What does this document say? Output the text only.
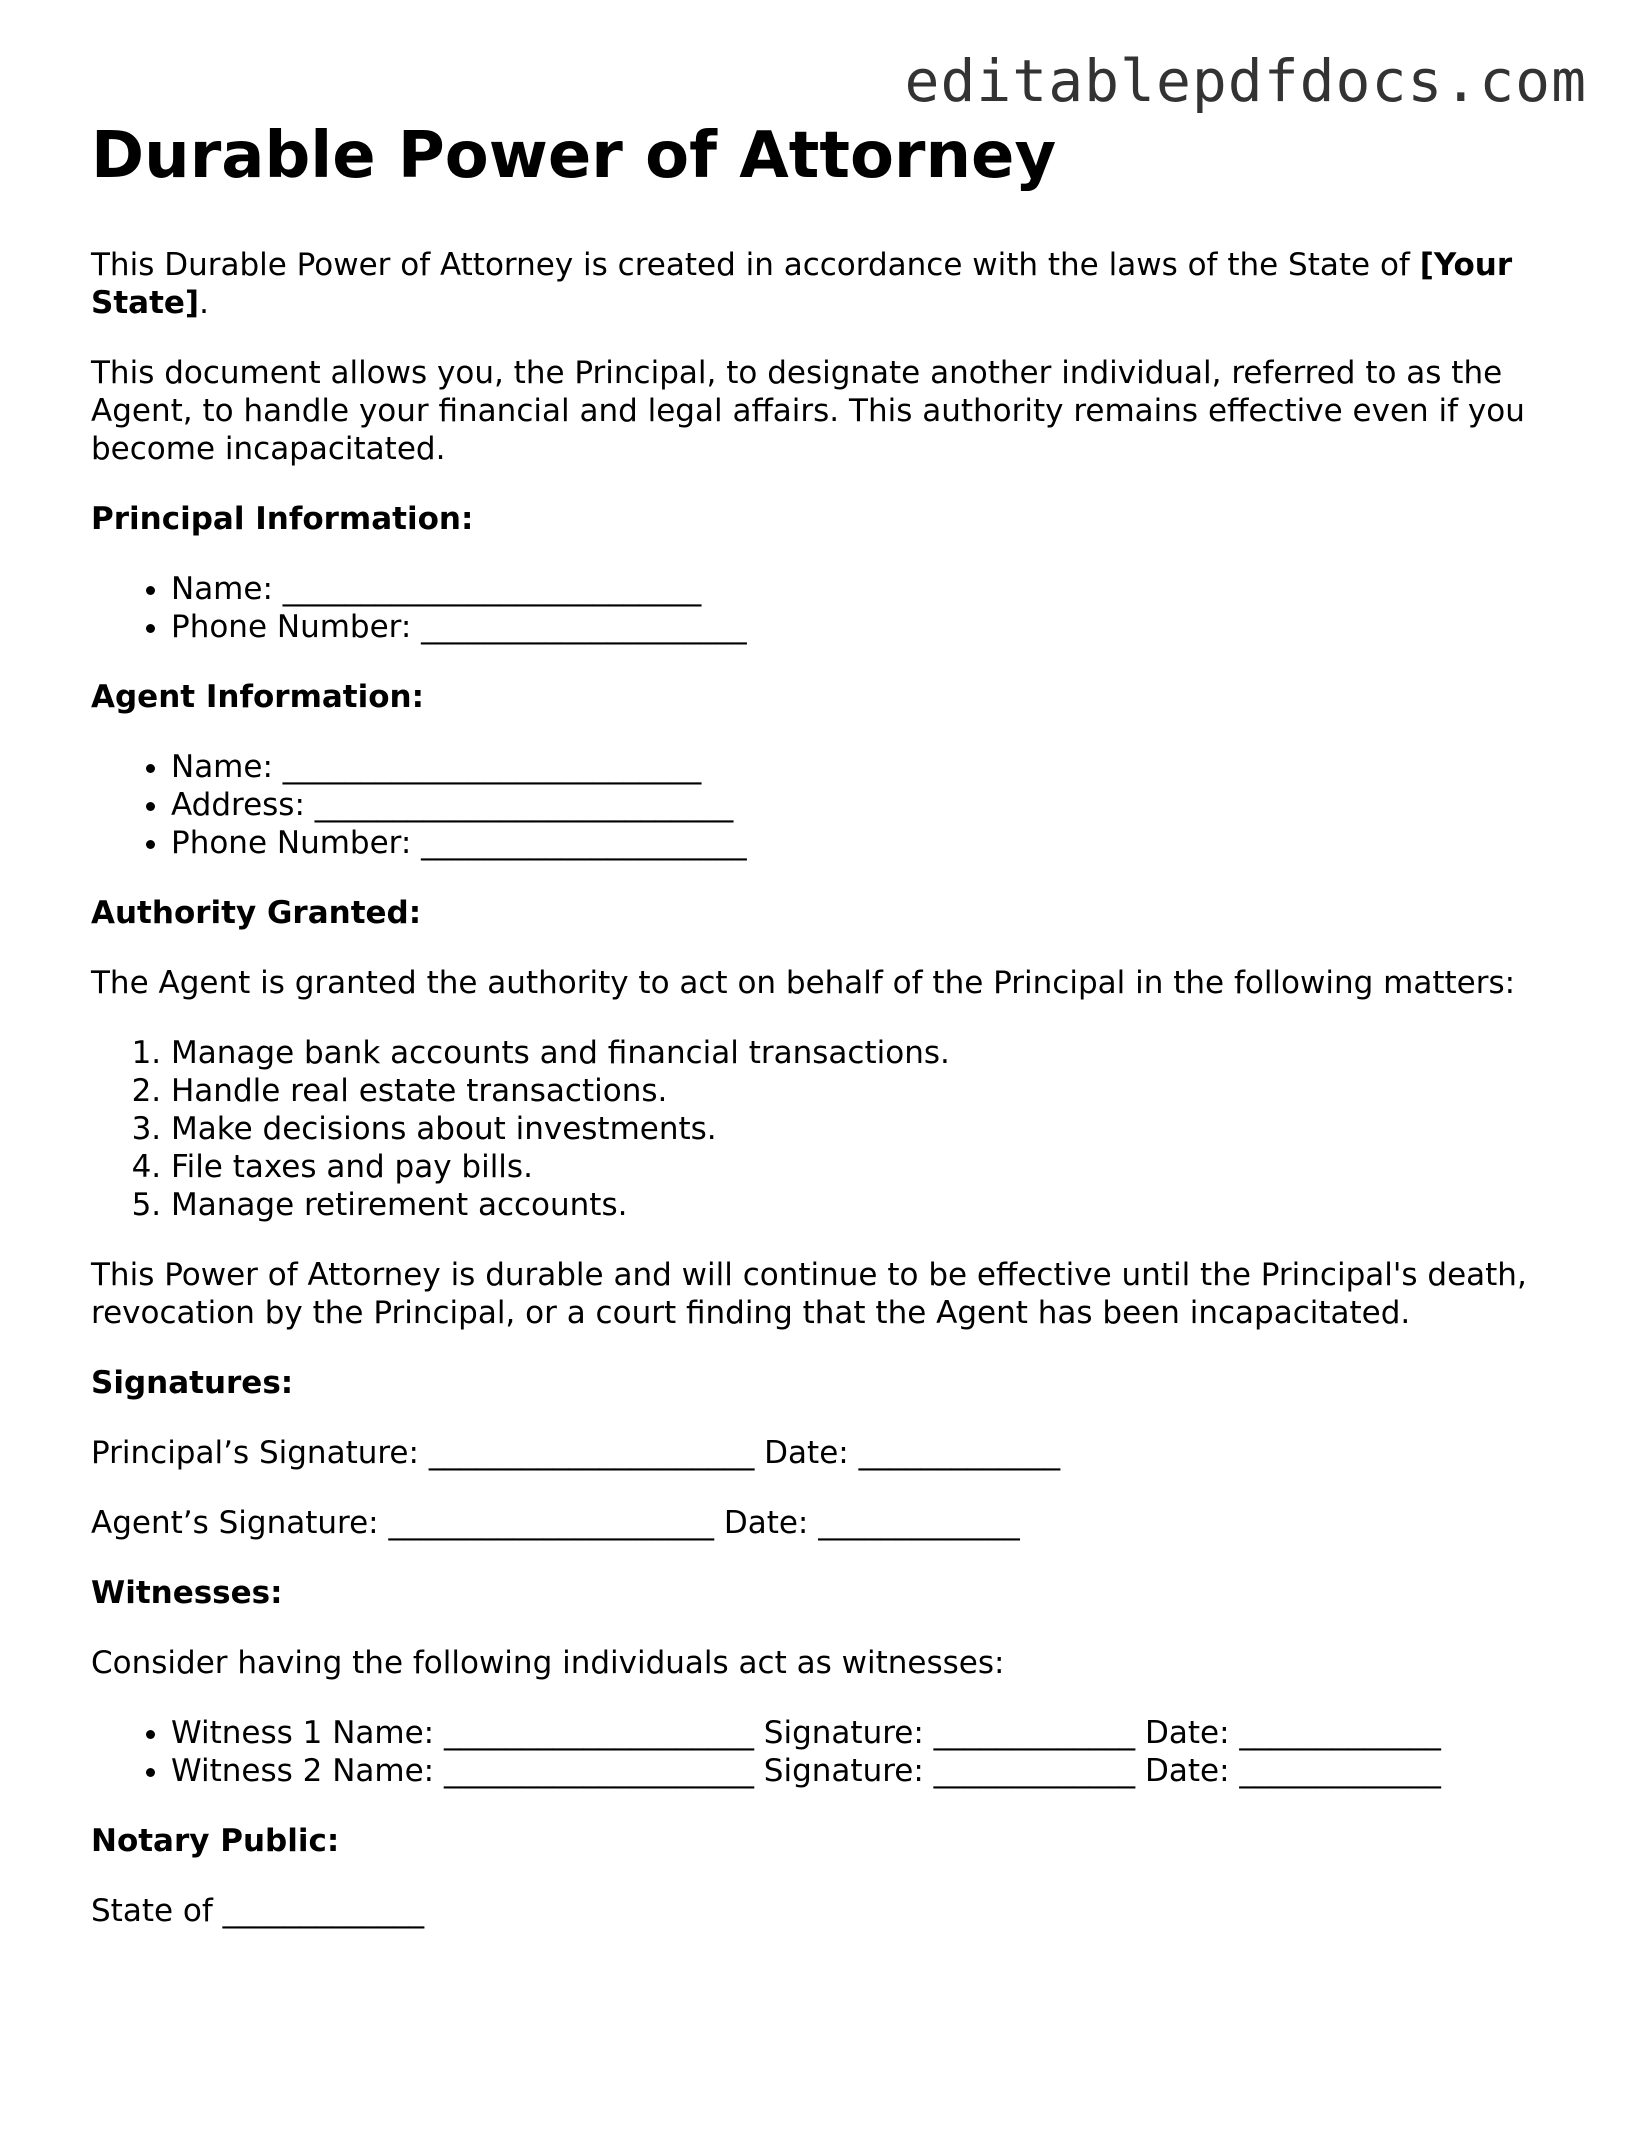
editablepdfdocs.com
Durable Power of Attorney

This Durable Power of Attorney is created in accordance with the laws of the State of [Your State].

This document allows you, the Principal, to designate another individual, referred to as the Agent, to handle your financial and legal affairs. This authority remains effective even if you become incapacitated.

Principal Information:
• Name: ___________________________
• Phone Number: _____________________
Agent Information:
• Name: ___________________________
• Address: ___________________________
• Phone Number: _____________________
Authority Granted:

The Agent is granted the authority to act on behalf of the Principal in the following matters:

1. Manage bank accounts and financial transactions.
2. Handle real estate transactions.
3. Make decisions about investments.
4. File taxes and pay bills.
5. Manage retirement accounts.

This Power of Attorney is durable and will continue to be effective until the Principal's death, revocation by the Principal, or a court finding that the Agent has been incapacitated.

Signatures:
Principal’s Signature: _____________________ Date: _____________
Agent’s Signature: _____________________ Date: _____________
Witnesses:

Consider having the following individuals act as witnesses:

• Witness 1 Name: ____________________ Signature: _____________ Date: _____________
• Witness 2 Name: ____________________ Signature: _____________ Date: _____________
Notary Public:
State of _____________
